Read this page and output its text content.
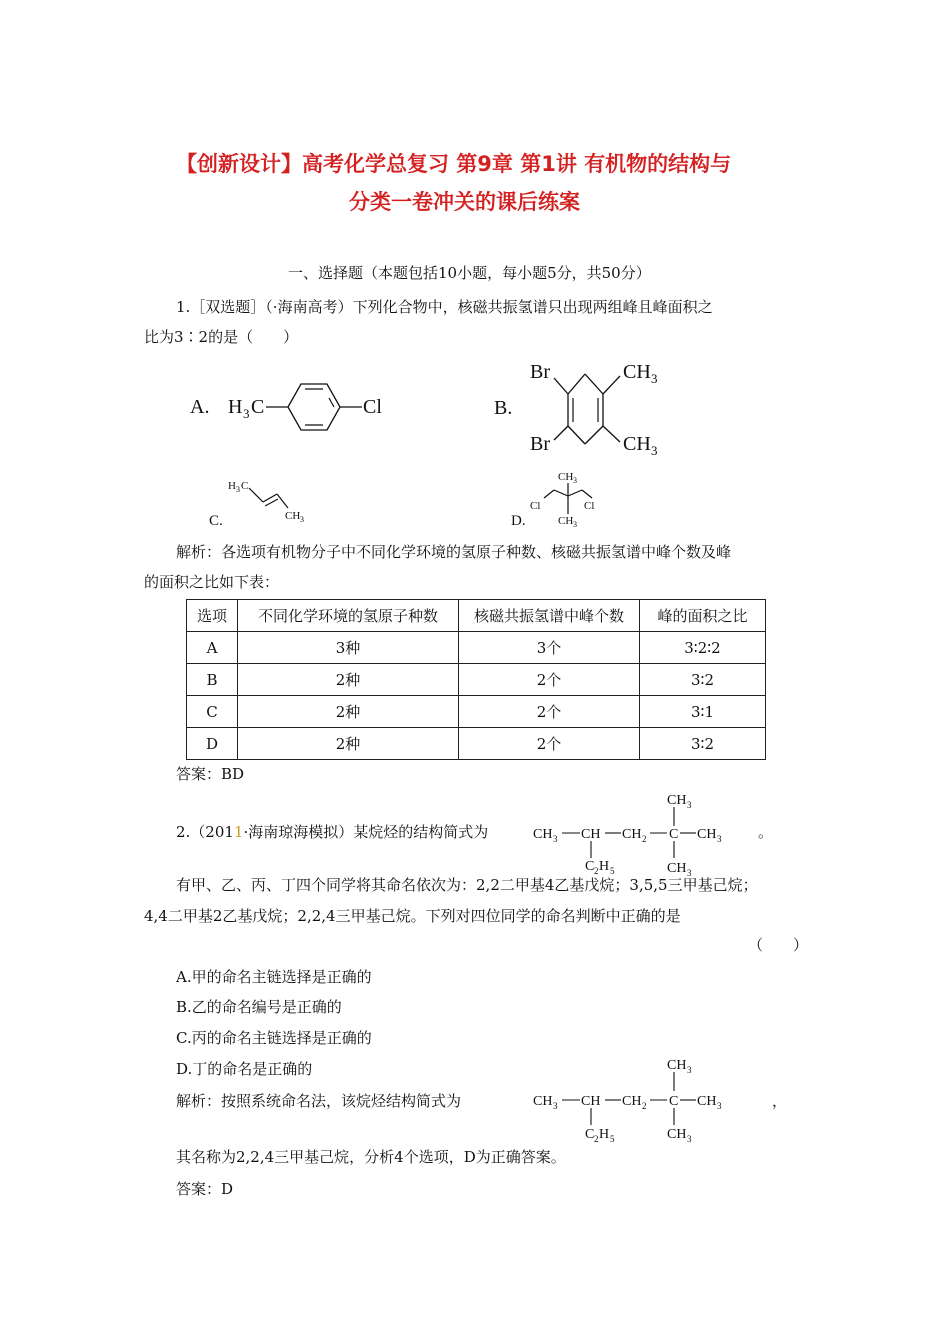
【创新设计】高考化学总复习 第9章 第1讲 有机物的结构与
分类一卷冲关的课后练案
一、选择题（本题包括10小题，每小题5分，共50分）
1.［双选题］（·海南高考）下列化合物中，核磁共振氢谱只出现两组峰且峰面积之
比为3∶2的是（　　）
A. H 3 C	Cl	B.
Br
Br
CH 3
CH 3
H 3 C
CH 3
C.
CH 3
Cl	Cl
CH 3
D.
解析：各选项有机物分子中不同化学环境的氢原子种数、核磁共振氢谱中峰个数及峰
的面积之比如下表：
选项	不同化学环境的氢原子种数	核磁共振氢谱中峰个数	峰的面积之比
A	3种	3个	3∶2∶2
B	2种	2个	3∶2
C	2种	2个	3∶1
D	2种	2个	3∶2
答案：BD
2.（2011·海南琼海模拟）某烷烃的结构简式为
CH 3
CH 3 CH CH 2 C CH 3
C 2 H 5	CH 3
。
有甲、乙、丙、丁四个同学将其命名依次为：2,2二甲基4乙基戊烷；3,5,5三甲基己烷；
4,4二甲基2乙基戊烷；2,2,4三甲基己烷。下列对四位同学的命名判断中正确的是
（　　）
A.甲的命名主链选择是正确的
B.乙的命名编号是正确的
C.丙的命名主链选择是正确的
D.丁的命名是正确的
解析：按照系统命名法，该烷烃结构简式为
CH 3
CH 3 CH CH 2 C CH 3
C 2 H 5	CH 3
，
其名称为2,2,4三甲基己烷，分析4个选项，D为正确答案。
答案：D
